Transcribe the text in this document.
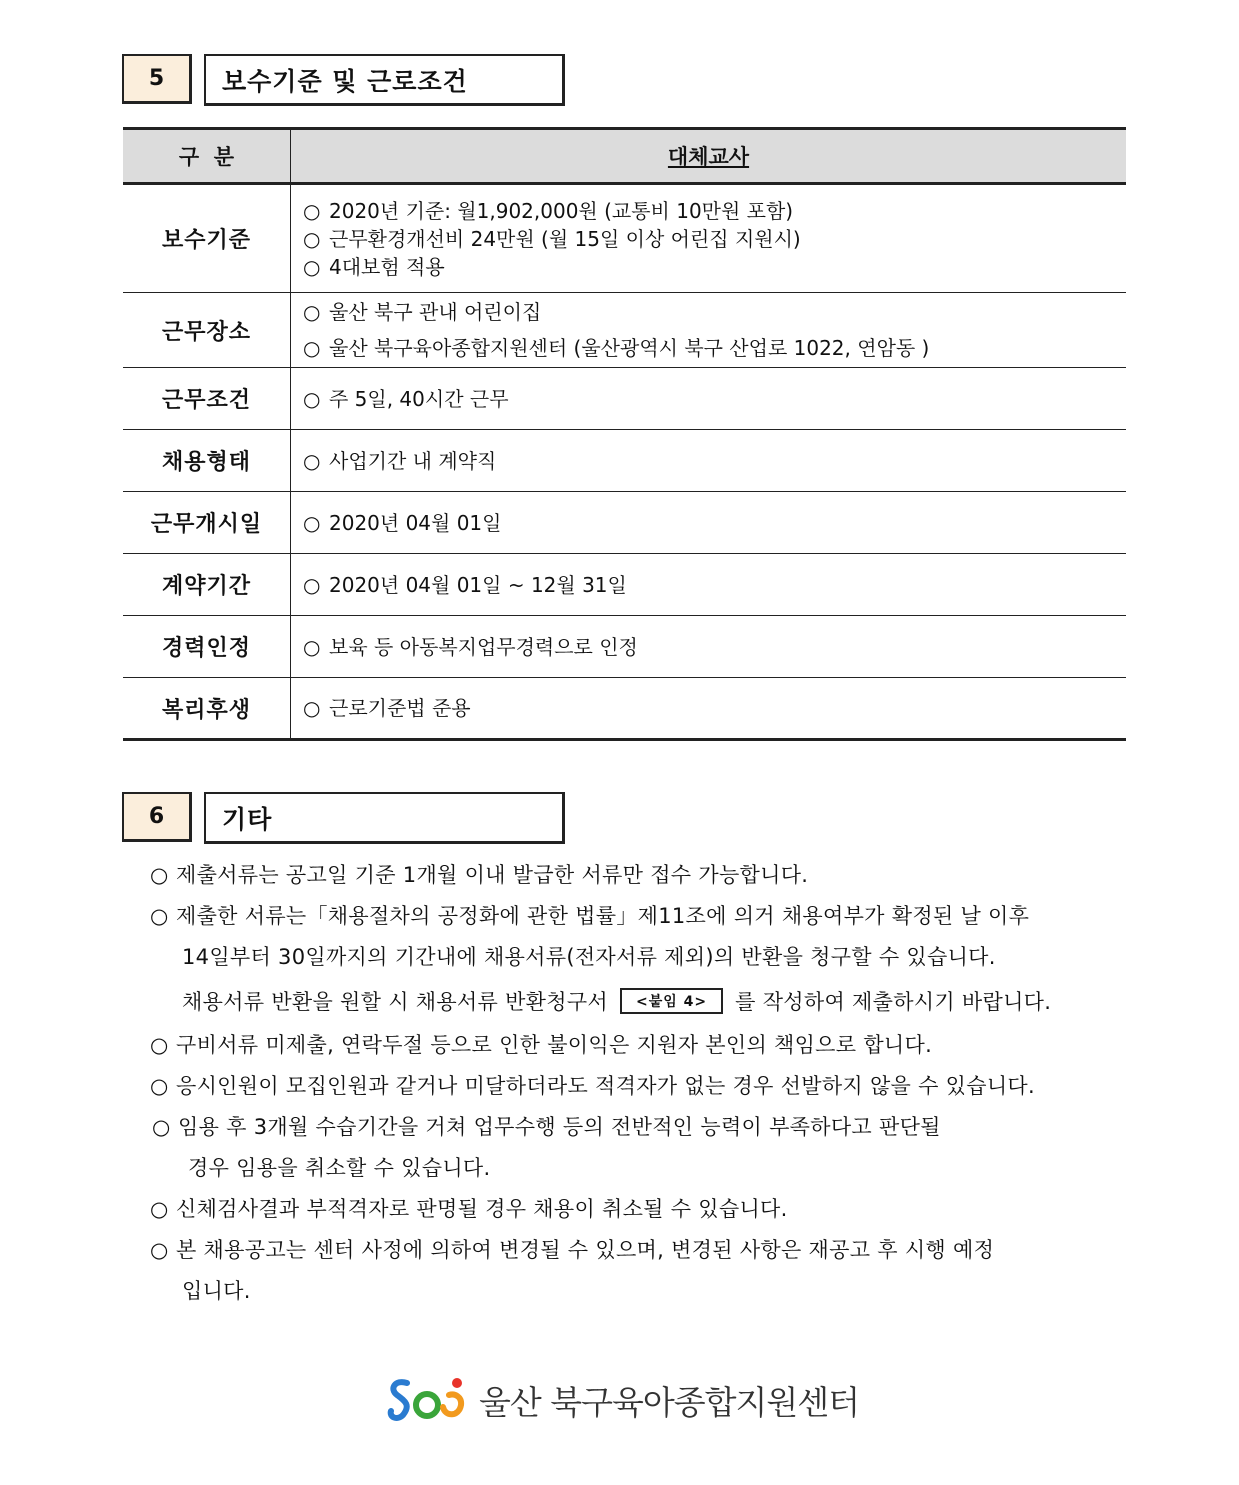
5	보수기준 및 근로조건
구  분	대체교사
보수기준	○ 2020년 기준: 월1,902,000원 (교통비 10만원 포함)
○ 근무환경개선비 24만원 (월 15일 이상 어린집 지원시)
○ 4대보험 적용

근무장소	○ 울산 북구 관내 어린이집
○ 울산 북구육아종합지원센터 (울산광역시 북구 산업로 1022, 연암동 )

근무조건	○ 주 5일, 40시간 근무

채용형태	○ 사업기간 내 계약직

근무개시일	○ 2020년 04월 01일

계약기간	○ 2020년 04월 01일 ~ 12월 31일

경력인정	○ 보육 등 아동복지업무경력으로 인정

복리후생	○ 근로기준법 준용
6	기타
○ 제출서류는 공고일 기준 1개월 이내 발급한 서류만 접수 가능합니다.
○ 제출한 서류는「채용절차의 공정화에 관한 법률」제11조에 의거 채용여부가 확정된 날 이후
14일부터 30일까지의 기간내에 채용서류(전자서류 제외)의 반환을 청구할 수 있습니다.
채용서류 반환을 원할 시 채용서류 반환청구서 <붙임 4> 를 작성하여 제출하시기 바랍니다.
○ 구비서류 미제출, 연락두절 등으로 인한 불이익은 지원자 본인의 책임으로 합니다.
○ 응시인원이 모집인원과 같거나 미달하더라도 적격자가 없는 경우 선발하지 않을 수 있습니다.
○ 임용 후 3개월 수습기간을 거쳐 업무수행 등의 전반적인 능력이 부족하다고 판단될
경우 임용을 취소할 수 있습니다.
○ 신체검사결과 부적격자로 판명될 경우 채용이 취소될 수 있습니다.
○ 본 채용공고는 센터 사정에 의하여 변경될 수 있으며, 변경된 사항은 재공고 후 시행 예정
입니다.
울산 북구육아종합지원센터
